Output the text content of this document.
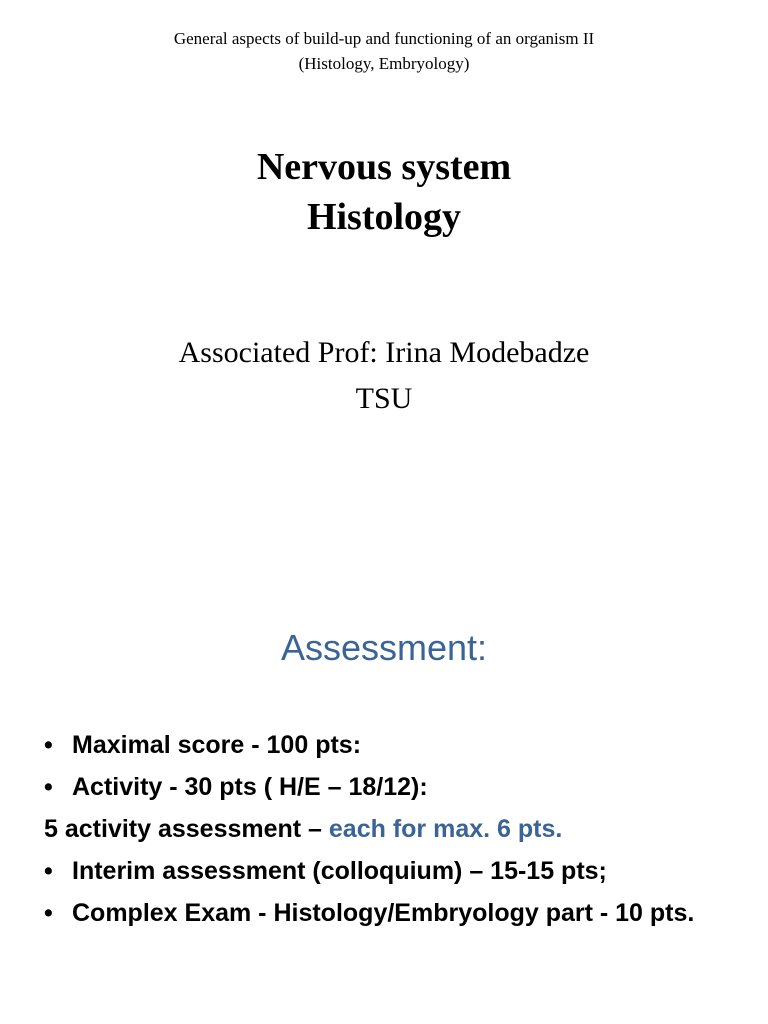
General aspects of build-up and functioning of an organism II
(Histology, Embryology)
Nervous system
Histology
Associated Prof: Irina Modebadze
TSU
Assessment:
• Maximal score - 100 pts:
• Activity - 30 pts ( H/E – 18/12):
5 activity assessment – each for max. 6 pts.
• Interim assessment (colloquium) – 15-15 pts;
• Complex Exam - Histology/Embryology part - 10 pts.
